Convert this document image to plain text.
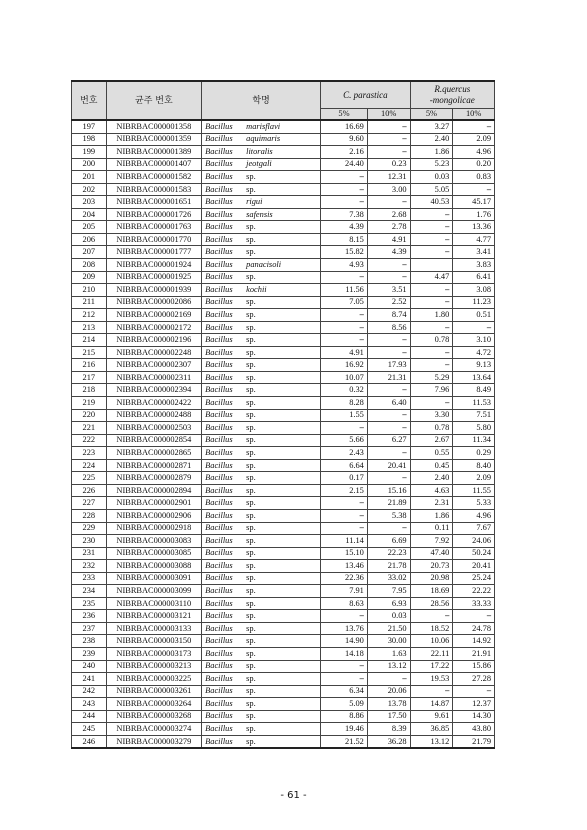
번호	균주 번호	학명	C. parastica		R.quercus
-mongolicae	
			5%	10%	5%	10%
197	NIBRBAC000001358	Bacillus marisflavi	16.69	–	3.27	–
198	NIBRBAC000001359	Bacillus aquimaris	9.60	–	2.40	2.09
199	NIBRBAC000001389	Bacillus litoralis	2.16	–	1.86	4.96
200	NIBRBAC000001407	Bacillus jeotgali	24.40	0.23	5.23	0.20
201	NIBRBAC000001582	Bacillus sp.	–	12.31	0.03	0.83
202	NIBRBAC000001583	Bacillus sp.	–	3.00	5.05	–
203	NIBRBAC000001651	Bacillus rigui	–	–	40.53	45.17
204	NIBRBAC000001726	Bacillus safensis	7.38	2.68	–	1.76
205	NIBRBAC000001763	Bacillus sp.	4.39	2.78	–	13.36
206	NIBRBAC000001770	Bacillus sp.	8.15	4.91	–	4.77
207	NIBRBAC000001777	Bacillus sp.	15.82	4.39	–	3.41
208	NIBRBAC000001924	Bacillus panacisoli	4.93	–		3.83
209	NIBRBAC000001925	Bacillus sp.	–	–	4.47	6.41
210	NIBRBAC000001939	Bacillus kochii	11.56	3.51	–	3.08
211	NIBRBAC000002086	Bacillus sp.	7.05	2.52	–	11.23
212	NIBRBAC000002169	Bacillus sp.	–	8.74	1.80	0.51
213	NIBRBAC000002172	Bacillus sp.	–	8.56	–	–
214	NIBRBAC000002196	Bacillus sp.	–	–	0.78	3.10
215	NIBRBAC000002248	Bacillus sp.	4.91	–	–	4.72
216	NIBRBAC000002307	Bacillus sp.	16.92	17.93	–	9.13
217	NIBRBAC000002311	Bacillus sp.	10.07	21.31	5.29	13.64
218	NIBRBAC000002394	Bacillus sp.	0.32	–	7.96	8.49
219	NIBRBAC000002422	Bacillus sp.	8.28	6.40	–	11.53
220	NIBRBAC000002488	Bacillus sp.	1.55	–	3.30	7.51
221	NIBRBAC000002503	Bacillus sp.	–	–	0.78	5.80
222	NIBRBAC000002854	Bacillus sp.	5.66	6.27	2.67	11.34
223	NIBRBAC000002865	Bacillus sp.	2.43	–	0.55	0.29
224	NIBRBAC000002871	Bacillus sp.	6.64	20.41	0.45	8.40
225	NIBRBAC000002879	Bacillus sp.	0.17	–	2.40	2.09
226	NIBRBAC000002894	Bacillus sp.	2.15	15.16	4.63	11.55
227	NIBRBAC000002901	Bacillus sp.	–	21.89	2.31	5.33
228	NIBRBAC000002906	Bacillus sp.	–	5.38	1.86	4.96
229	NIBRBAC000002918	Bacillus sp.	–	–	0.11	7.67
230	NIBRBAC000003083	Bacillus sp.	11.14	6.69	7.92	24.06
231	NIBRBAC000003085	Bacillus sp.	15.10	22.23	47.40	50.24
232	NIBRBAC000003088	Bacillus sp.	13.46	21.78	20.73	20.41
233	NIBRBAC000003091	Bacillus sp.	22.36	33.02	20.98	25.24
234	NIBRBAC000003099	Bacillus sp.	7.91	7.95	18.69	22.22
235	NIBRBAC000003110	Bacillus sp.	8.63	6.93	28.56	33.33
236	NIBRBAC000003121	Bacillus sp.	–	0.03	–	–
237	NIBRBAC000003133	Bacillus sp.	13.76	21.50	18.52	24.78
238	NIBRBAC000003150	Bacillus sp.	14.90	30.00	10.06	14.92
239	NIBRBAC000003173	Bacillus sp.	14.18	1.63	22.11	21.91
240	NIBRBAC000003213	Bacillus sp.	–	13.12	17.22	15.86
241	NIBRBAC000003225	Bacillus sp.	–	–	19.53	27.28
242	NIBRBAC000003261	Bacillus sp.	6.34	20.06	–	–
243	NIBRBAC000003264	Bacillus sp.	5.09	13.78	14.87	12.37
244	NIBRBAC000003268	Bacillus sp.	8.86	17.50	9.61	14.30
245	NIBRBAC000003274	Bacillus sp.	19.46	8.39	36.85	43.80
246	NIBRBAC000003279	Bacillus sp.	21.52	36.28	13.12	21.79
- 61 -
